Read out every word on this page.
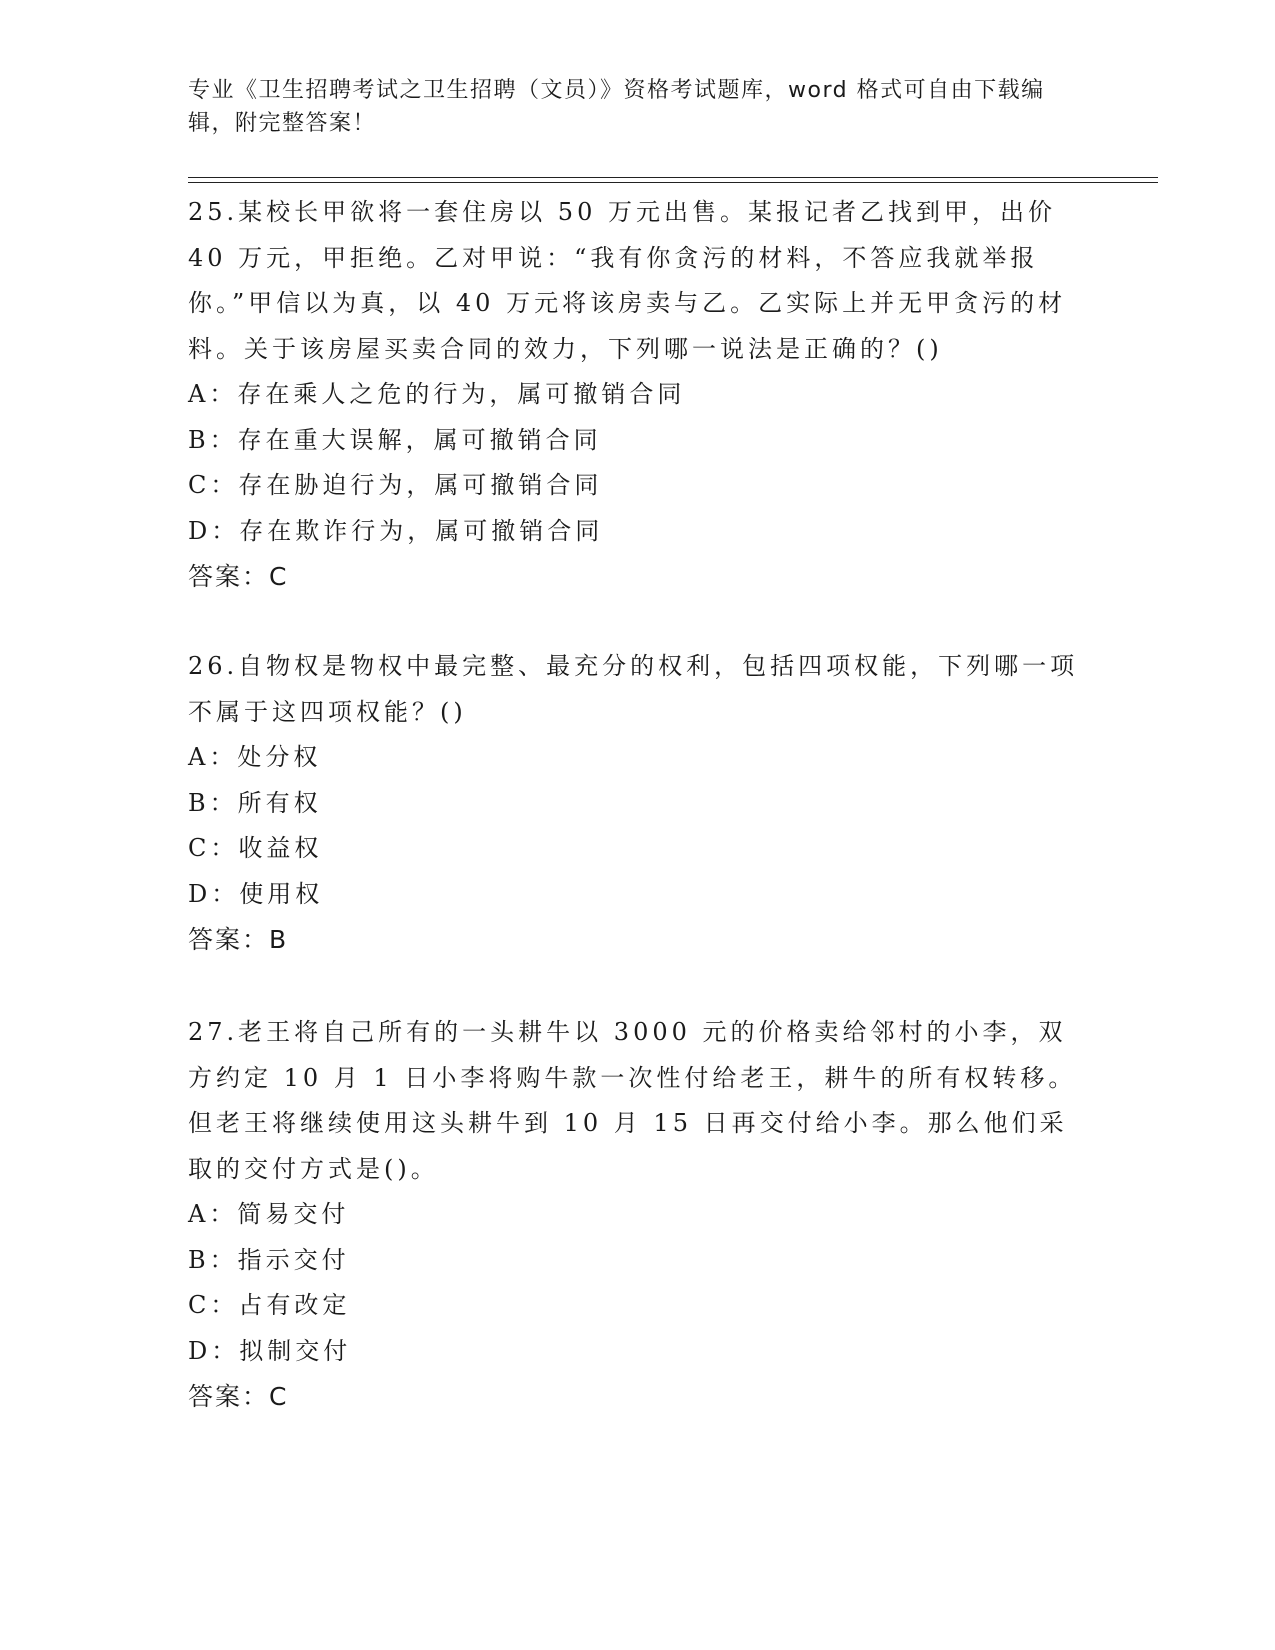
专业《卫生招聘考试之卫生招聘（文员）》资格考试题库，word 格式可自由下载编辑，附完整答案！

25.某校长甲欲将一套住房以 50 万元出售。某报记者乙找到甲，出价 40 万元，甲拒绝。乙对甲说：“我有你贪污的材料，不答应我就举报你。”甲信以为真，以 40 万元将该房卖与乙。乙实际上并无甲贪污的材料。关于该房屋买卖合同的效力，下列哪一说法是正确的？()

A：存在乘人之危的行为，属可撤销合同

B：存在重大误解，属可撤销合同

C：存在胁迫行为，属可撤销合同

D：存在欺诈行为，属可撤销合同

答案：C

26.自物权是物权中最完整、最充分的权利，包括四项权能，下列哪一项不属于这四项权能？()

A：处分权

B：所有权

C：收益权

D：使用权

答案：B

27.老王将自己所有的一头耕牛以 3000 元的价格卖给邻村的小李，双方约定 10 月 1 日小李将购牛款一次性付给老王，耕牛的所有权转移。但老王将继续使用这头耕牛到 10 月 15 日再交付给小李。那么他们采取的交付方式是()。

A：简易交付

B：指示交付

C：占有改定

D：拟制交付

答案：C
